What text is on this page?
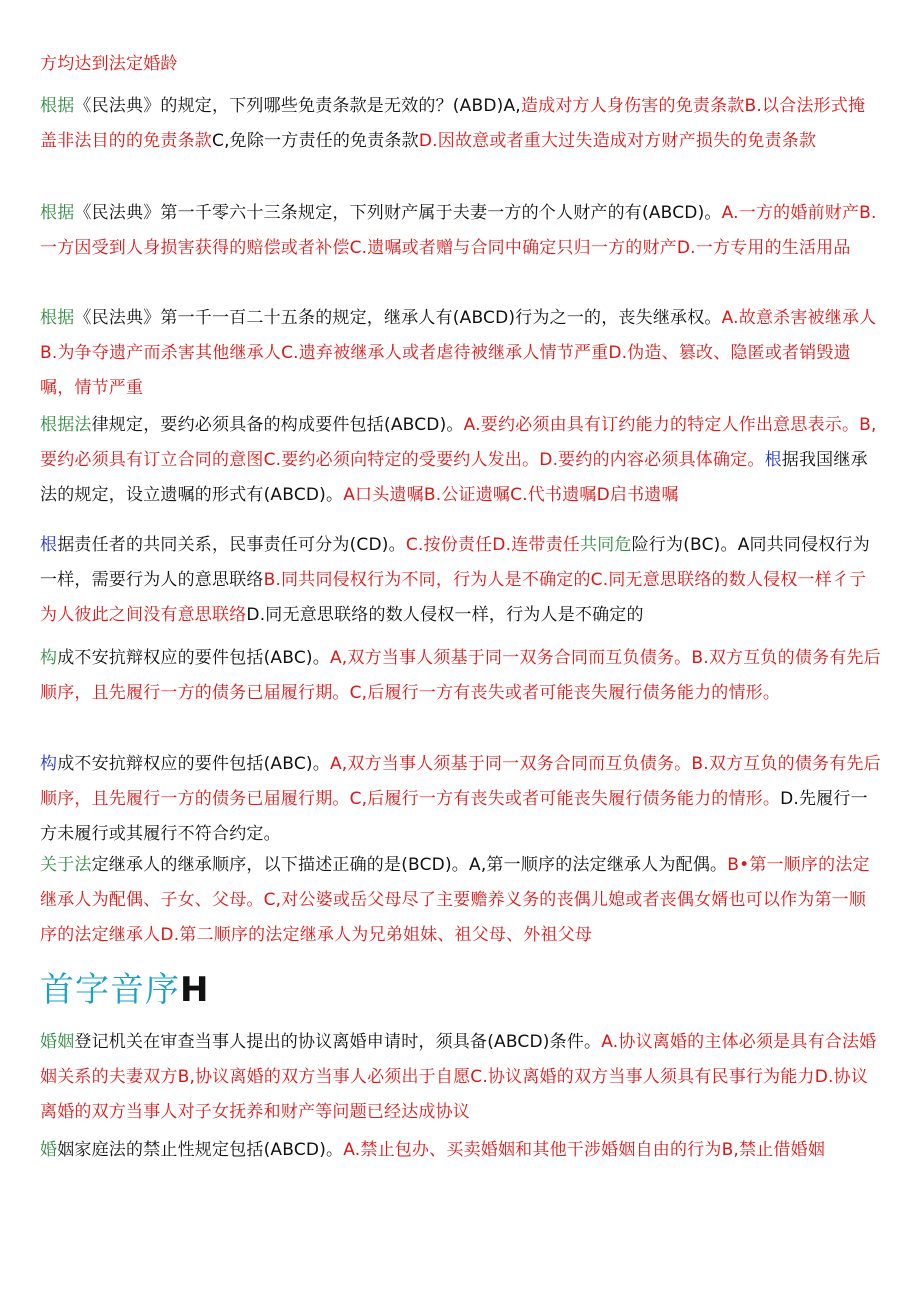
方均达到法定婚龄
根据《民法典》的规定，下列哪些免责条款是无效的？(ABD)A,造成对方人身伤害的免责条款B.以合法形式掩盖非法目的的免责条款C,免除一方责任的免责条款D.因故意或者重大过失造成对方财产损失的免责条款
根据《民法典》第一千零六十三条规定，下列财产属于夫妻一方的个人财产的有(ABCD)。A.一方的婚前财产B.一方因受到人身损害获得的赔偿或者补偿C.遗嘱或者赠与合同中确定只归一方的财产D.一方专用的生活用品
根据《民法典》第一千一百二十五条的规定，继承人有(ABCD)行为之一的，丧失继承权。A.故意杀害被继承人B.为争夺遗产而杀害其他继承人C.遗弃被继承人或者虐待被继承人情节严重D.伪造、篡改、隐匿或者销毁遗嘱，情节严重
根据法律规定，要约必须具备的构成要件包括(ABCD)。A.要约必须由具有订约能力的特定人作出意思表示。B,要约必须具有订立合同的意图C.要约必须向特定的受要约人发出。D.要约的内容必须具体确定。根据我国继承法的规定，设立遗嘱的形式有(ABCD)。A口头遗嘱B.公证遗嘱C.代书遗嘱D启书遗嘱
根据责任者的共同关系，民事责任可分为(CD)。C.按份责任D.连带责任共同危险行为(BC)。A同共同侵权行为一样，需要行为人的意思联络B.同共同侵权行为不同，行为人是不确定的C.同无意思联络的数人侵权一样彳亍为人彼此之间没有意思联络D.同无意思联络的数人侵权一样，行为人是不确定的
构成不安抗辩权应的要件包括(ABC)。A,双方当事人须基于同一双务合同而互负债务。B.双方互负的债务有先后顺序，且先履行一方的债务已届履行期。C,后履行一方有丧失或者可能丧失履行债务能力的情形。
构成不安抗辩权应的要件包括(ABC)。A,双方当事人须基于同一双务合同而互负债务。B.双方互负的债务有先后顺序，且先履行一方的债务已届履行期。C,后履行一方有丧失或者可能丧失履行债务能力的情形。D.先履行一方未履行或其履行不符合约定。
关于法定继承人的继承顺序，以下描述正确的是(BCD)。A,第一顺序的法定继承人为配偶。B•第一顺序的法定继承人为配偶、子女、父母。C,对公婆或岳父母尽了主要赡养义务的丧偶儿媳或者丧偶女婿也可以作为第一顺序的法定继承人D.第二顺序的法定继承人为兄弟姐妹、祖父母、外祖父母
首字音序H
婚姻登记机关在审查当事人提出的协议离婚申请时，须具备(ABCD)条件。A.协议离婚的主体必须是具有合法婚姻关系的夫妻双方B,协议离婚的双方当事人必须出于自愿C.协议离婚的双方当事人须具有民事行为能力D.协议离婚的双方当事人对子女抚养和财产等问题已经达成协议
婚姻家庭法的禁止性规定包括(ABCD)。A.禁止包办、买卖婚姻和其他干涉婚姻自由的行为B,禁止借婚姻
